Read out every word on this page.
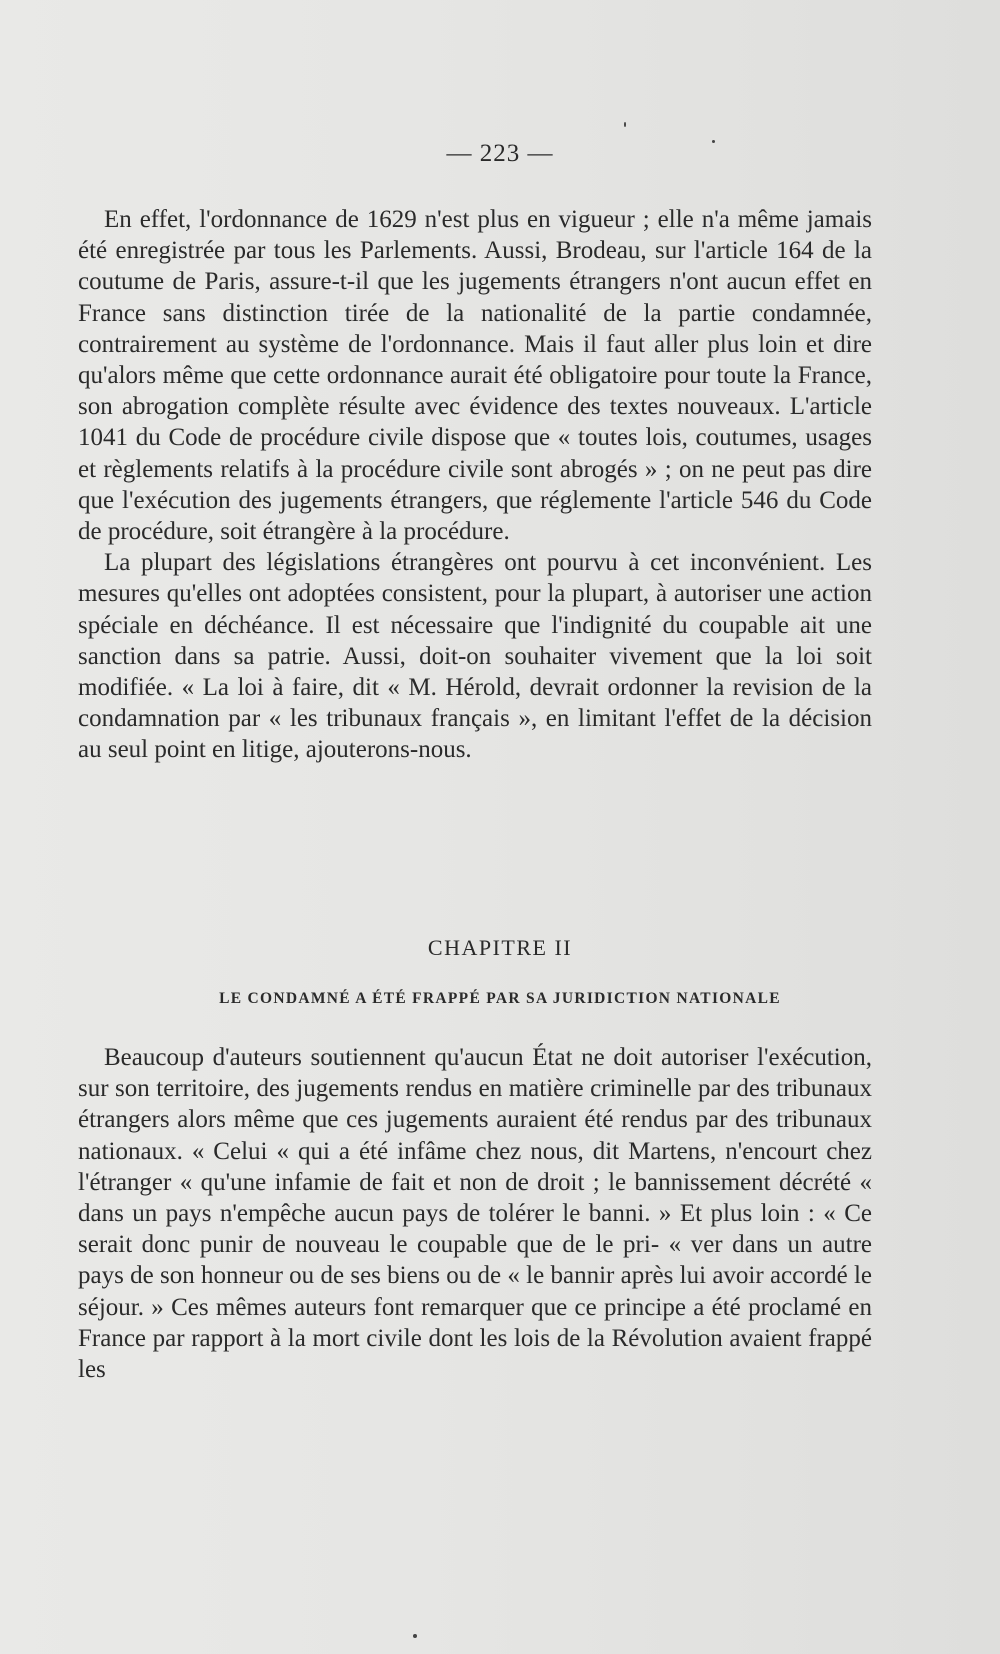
— 223 —

En effet, l'ordonnance de 1629 n'est plus en vigueur ; elle n'a même jamais été enregistrée par tous les Parlements. Aussi, Brodeau, sur l'article 164 de la coutume de Paris, assure-t-il que les jugements étrangers n'ont aucun effet en France sans distinction tirée de la nationalité de la partie condamnée, contrairement au système de l'ordonnance. Mais il faut aller plus loin et dire qu'alors même que cette ordonnance aurait été obligatoire pour toute la France, son abrogation complète résulte avec évidence des textes nouveaux. L'article 1041 du Code de procédure civile dispose que « toutes lois, coutumes, usages et règlements relatifs à la procédure civile sont abrogés » ; on ne peut pas dire que l'exécution des jugements étrangers, que réglemente l'article 546 du Code de procédure, soit étrangère à la procédure.

La plupart des législations étrangères ont pourvu à cet inconvénient. Les mesures qu'elles ont adoptées consistent, pour la plupart, à autoriser une action spéciale en déchéance. Il est nécessaire que l'indignité du coupable ait une sanction dans sa patrie. Aussi, doit-on souhaiter vivement que la loi soit modifiée. « La loi à faire, dit « M. Hérold, devrait ordonner la revision de la condamnation par « les tribunaux français », en limitant l'effet de la décision au seul point en litige, ajouterons-nous.

CHAPITRE II
LE CONDAMNÉ A ÉTÉ FRAPPÉ PAR SA JURIDICTION NATIONALE

Beaucoup d'auteurs soutiennent qu'aucun État ne doit autoriser l'exécution, sur son territoire, des jugements rendus en matière criminelle par des tribunaux étrangers alors même que ces jugements auraient été rendus par des tribunaux nationaux. « Celui « qui a été infâme chez nous, dit Martens, n'encourt chez l'étranger « qu'une infamie de fait et non de droit ; le bannissement décrété « dans un pays n'empêche aucun pays de tolérer le banni. » Et plus loin : « Ce serait donc punir de nouveau le coupable que de le pri- « ver dans un autre pays de son honneur ou de ses biens ou de « le bannir après lui avoir accordé le séjour. » Ces mêmes auteurs font remarquer que ce principe a été proclamé en France par rapport à la mort civile dont les lois de la Révolution avaient frappé les
